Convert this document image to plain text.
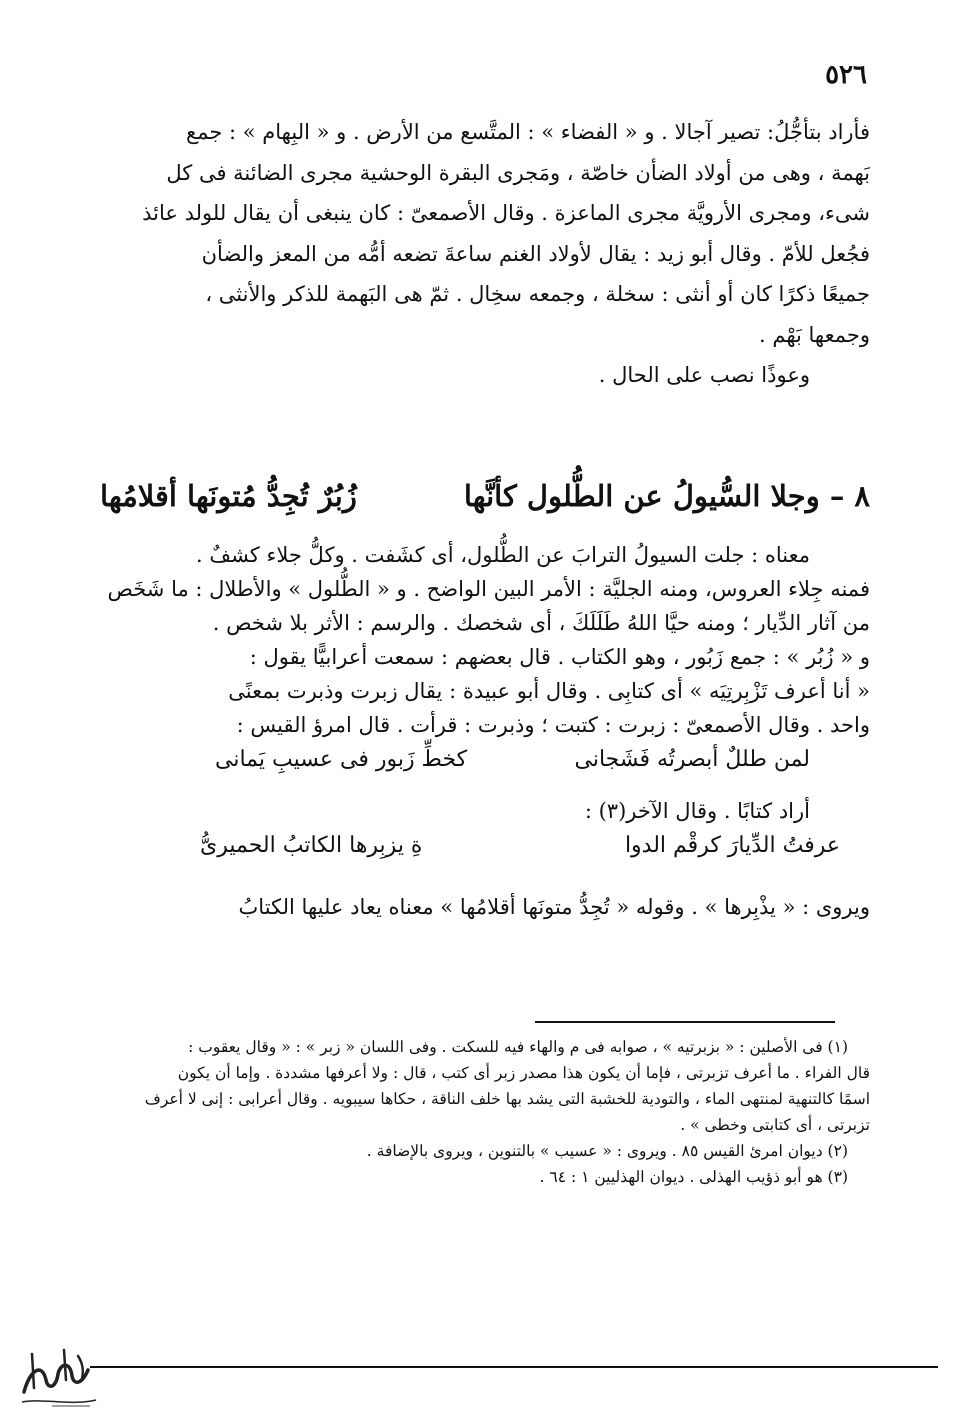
٥٢٦

فأراد بتأجُّلُ: تصير آجالا . و « الفضاء » : المتَّسع من الأرض . و « البِهام » : جمع

بَهمة ، وهى من أولاد الضأن خاصّة ، ومَجرى البقرة الوحشية مجرى الضائنة فى كل

شىء، ومجرى الأرويَّة مجرى الماعزة . وقال الأصمعىّ : كان ينبغى أن يقال للولد عائذ

فجُعل للأمّ . وقال أبو زيد : يقال لأولاد الغنم ساعةَ تضعه أمُّه من المعز والضأن

جميعًا ذكرًا كان أو أنثى : سخلة ، وجمعه سخِال . ثمّ هى البَهمة للذكر والأنثى ،

وجمعها بَهْم .

وعوذًا نصب على الحال .

٨ – وجلا السُّيولُ عن الطُّلول كأنَّها
زُبُرٌ تُجِدُّ مُتونَها أقلامُها

معناه : جلت السيولُ الترابَ عن الطُّلول، أى كشَفت . وكلُّ جلاء كشفٌ .

فمنه جِلاء العروس، ومنه الجليَّة : الأمر البين الواضح . و « الطُّلول » والأطلال : ما شَخَص

من آثار الدِّيار ؛ ومنه حيَّا اللهُ طَلَلَكَ ، أى شخصك . والرسم : الأثر بلا شخص .

و « زُبُر » : جمع زَبُور ، وهو الكتاب . قال بعضهم : سمعت أعرابيًّا يقول :

« أنا أعرف تَزْبِرتِيَه » أى كتابِى . وقال أبو عبيدة : يقال زبرت وذبرت بمعنًى

واحد . وقال الأصمعىّ : زبرت : كتبت ؛ وذبرت : قرأت . قال امرؤ القيس :

لمن طللٌ أبصرتُه فَشَجانى
كخطِّ زَبور فى عسيبِ يَمانى

أراد كتابًا . وقال الآخر(٣) :

عرفتُ الدِّيارَ كرقْم الدوا
ةِ يزبِرها الكاتبُ الحميرىُّ

ويروى : « يذْبِرها » . وقوله « تُجِدُّ متونَها أقلامُها » معناه يعاد عليها الكتابُ

(١) فى الأصلين : « بزبرتيه » ، صوابه فى م والهاء فيه للسكت . وفى اللسان « زبر » : « وقال يعقوب :

قال الفراء . ما أعرف تزبرتى ، فإما أن يكون هذا مصدر زبر أى كتب ، قال : ولا أعرفها مشددة . وإما أن يكون

اسمًا كالتنهية لمنتهى الماء ، والتودية للخشبة التى يشد بها خلف الناقة ، حكاها سيبويه . وقال أعرابى : إنى لا أعرف

تزبرتى ، أى كتابتى وخطى » .

(٢) ديوان امرئ القيس ٨٥ . ويروى : « عسيب » بالتنوين ، ويروى بالإضافة .

(٣) هو أبو ذؤيب الهذلى . ديوان الهذليين ١ : ٦٤ .
